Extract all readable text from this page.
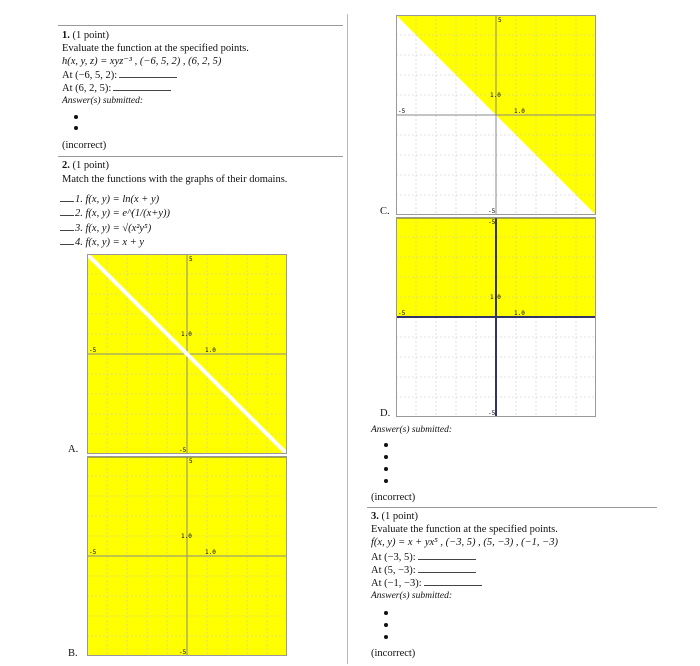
1. (1 point)
Evaluate the function at the specified points.
h(x, y, z) = xyz⁻³ , (−6, 5, 2) , (6, 2, 5)
At (−6, 5, 2):
At (6, 2, 5):
Answer(s) submitted:
(incorrect)
2. (1 point)
Match the functions with the graphs of their domains.
1. f(x, y) = ln(x + y)
2. f(x, y) = e^(1/(x+y))
3. f(x, y) = √(x²y⁵)
4. f(x, y) = x + y
-5
5
1.0
1.0
-5
A.
-5
5
1.0
1.0
-5
B.
-5
5
1.0
1.0
-5
C.
-5
-5
1.0
1.0
-5
D.
Answer(s) submitted:
(incorrect)
3. (1 point)
Evaluate the function at the specified points.
f(x, y) = x + yx⁵ , (−3, 5) , (5, −3) , (−1, −3)
At (−3, 5):
At (5, −3):
At (−1, −3):
Answer(s) submitted:
(incorrect)
